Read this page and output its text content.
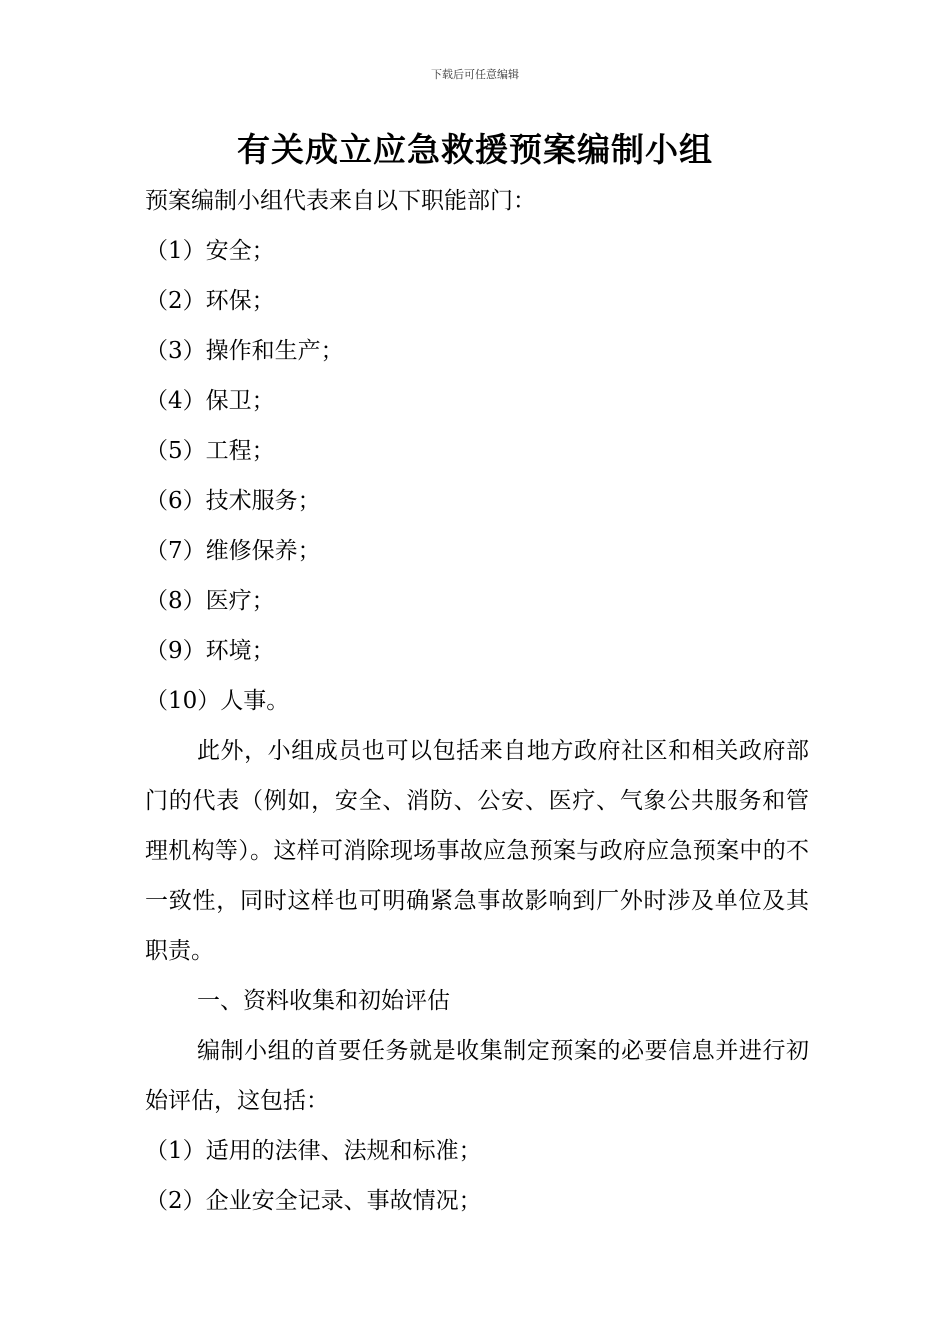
下载后可任意编辑
有关成立应急救援预案编制小组

预案编制小组代表来自以下职能部门：

（1）安全；

（2）环保；

（3）操作和生产；

（4）保卫；

（5）工程；

（6）技术服务；

（7）维修保养；

（8）医疗；

（9）环境；

（10）人事。

此外，小组成员也可以包括来自地方政府社区和相关政府部门的代表（例如，安全、消防、公安、医疗、气象公共服务和管理机构等）。这样可消除现场事故应急预案与政府应急预案中的不一致性，同时这样也可明确紧急事故影响到厂外时涉及单位及其职责。

一、资料收集和初始评估

编制小组的首要任务就是收集制定预案的必要信息并进行初始评估，这包括：

（1）适用的法律、法规和标准；

（2）企业安全记录、事故情况；
